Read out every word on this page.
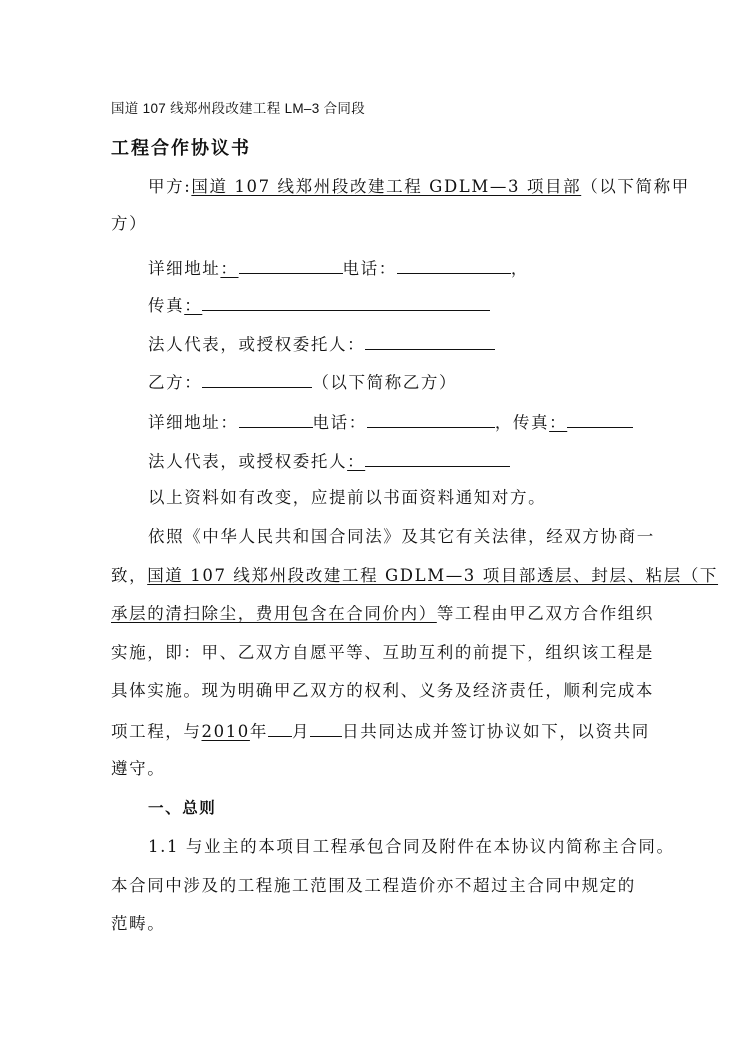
国道 107 线郑州段改建工程 LM–3 合同段
工程合作协议书
甲方:国道 107 线郑州段改建工程 GDLM—3 项目部（以下简称甲
方）
详细地址：	电话：	，
传真：
法人代表，或授权委托人：
乙方：	（以下简称乙方）
详细地址：	电话：	，传真：
法人代表，或授权委托人：
以上资料如有改变，应提前以书面资料通知对方。
依照《中华人民共和国合同法》及其它有关法律，经双方协商一
致，国道 107 线郑州段改建工程 GDLM—3 项目部透层、封层、粘层（下
承层的清扫除尘，费用包含在合同价内）等工程由甲乙双方合作组织
实施，即：甲、乙双方自愿平等、互助互利的前提下，组织该工程是
具体实施。现为明确甲乙双方的权利、义务及经济责任，顺利完成本
项工程，与2010年 月 日共同达成并签订协议如下，以资共同
遵守。
一、总则
1.1 与业主的本项目工程承包合同及附件在本协议内简称主合同。
本合同中涉及的工程施工范围及工程造价亦不超过主合同中规定的
范畴。
